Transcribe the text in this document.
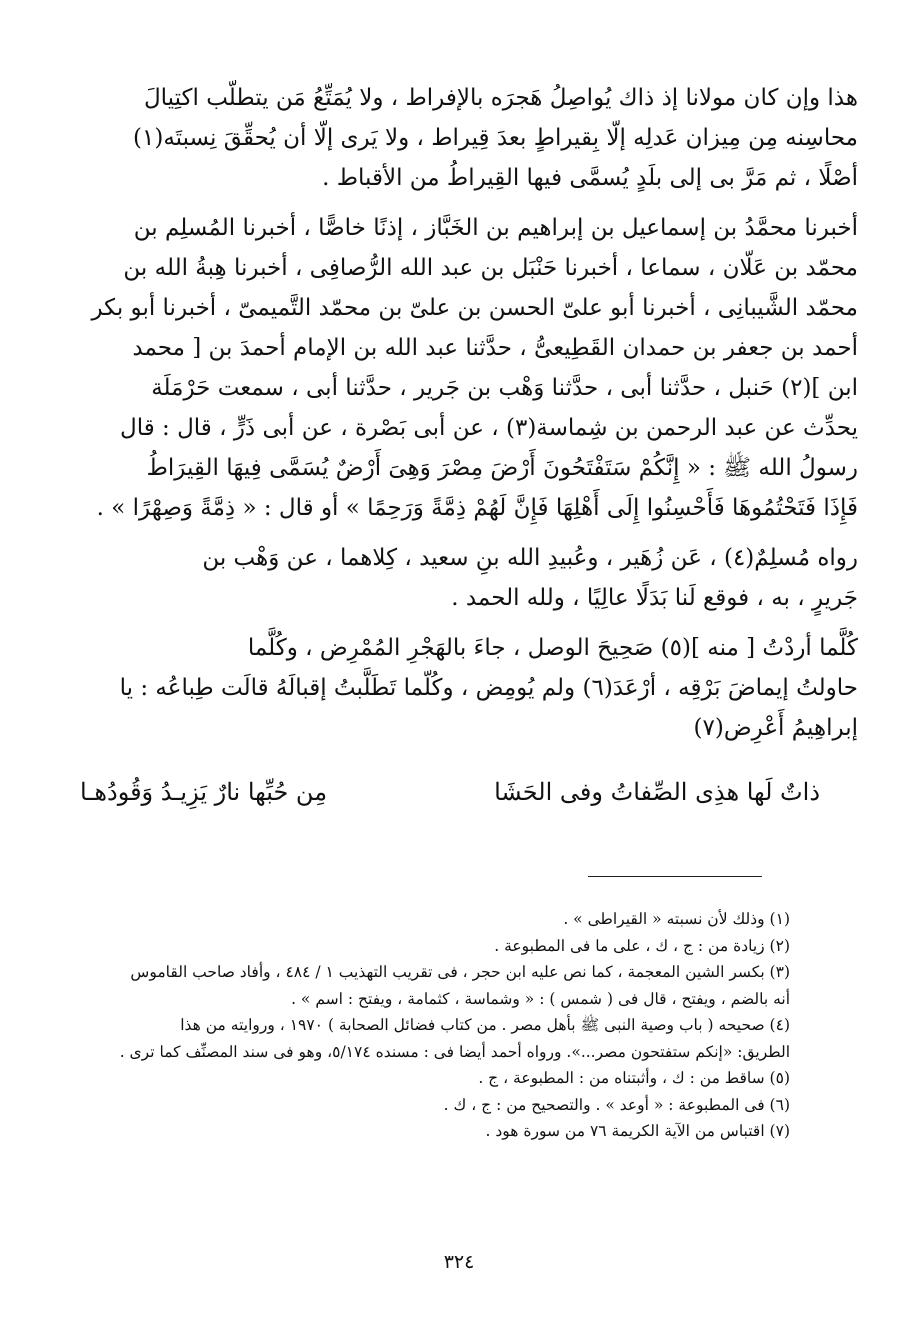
هذا وإن كان مولانا إذ ذاك يُواصِلُ هَجرَه بالإفراط ، ولا يُمَتِّعُ مَن يتطلّب اكتِيالَ

محاسِنه مِن مِيزان عَدلِه إلّا بِقيراطٍ بعدَ قِيراط ، ولا يَرى إلّا أن يُحقِّقَ نِسبتَه(١)

أصْلًا ، ثم مَرَّ بى إلى بلَدٍ يُسمَّى فيها القِيراطُ من الأقباط .

أخبرنا محمَّدُ بن إسماعيل بن إبراهيم بن الخَبَّاز ، إذنًا خاصًّا ، أخبرنا المُسلِم بن

محمّد بن عَلّان ، سماعا ، أخبرنا حَنْبَل بن عبد الله الرُّصافِى ، أخبرنا هِبةُ الله بن

محمّد الشَّيبانِى ، أخبرنا أبو علىّ الحسن بن علىّ بن محمّد التَّميمىّ ، أخبرنا أبو بكر

أحمد بن جعفر بن حمدان القَطِيعىُّ ، حدَّثنا عبد الله بن الإمام أحمدَ بن [ محمد

ابن ](٢) حَنبل ، حدَّثنا أبى ، حدَّثنا وَهْب بن جَرير ، حدَّثنا أبى ، سمعت حَرْمَلَة

يحدِّث عن عبد الرحمن بن شِماسة(٣) ، عن أبى بَصْرة ، عن أبى ذَرٍّ ، قال : قال

رسولُ الله ﷺ : « إِنَّكُمْ سَتَفْتَحُونَ أَرْضَ مِصْرَ وَهِىَ أَرْضٌ يُسَمَّى فِيهَا القِيرَاطُ

فَإِذَا فَتَحْتُمُوهَا فَأَحْسِنُوا إِلَى أَهْلِهَا فَإِنَّ لَهُمْ ذِمَّةً وَرَحِمًا » أو قال : « ذِمَّةً وَصِهْرًا » .

رواه مُسلِمٌ(٤) ، عَن زُهَير ، وعُبيدِ الله بنِ سعيد ، كِلاهما ، عن وَهْب بن

جَريرٍ ، به ، فوقع لَنا بَدَلًا عالِيًا ، ولله الحمد .

كُلَّما أردْتُ [ منه ](٥) صَحِيحَ الوصل ، جاءَ بالهَجْرِ المُمْرِض ، وكُلَّما

حاولتُ إيماضَ بَرْقِه ، أرْعَدَ(٦) ولم يُومِض ، وكُلّما تَطَلَّبتُ إقبالَهُ قالَت طِباعُه : يا

إبراهِيمُ أَعْرِض(٧)

ذاتٌ لَها هذِى الصِّفاتُ وفى الحَشَا
مِن حُبِّها نارٌ يَزِيـدُ وَقُودُهـا

(١) وذلك لأن نسبته « القيراطى » .

(٢) زيادة من : ج ، ك ، على ما فى المطبوعة .

(٣) بكسر الشين المعجمة ، كما نص عليه ابن حجر ، فى تقريب التهذيب ١ / ٤٨٤ ، وأفاد صاحب القاموس

أنه بالضم ، ويفتح ، قال فى ( شمس ) : « وشماسة ، كثمامة ، ويفتح : اسم » .

(٤) صحيحه ( باب وصية النبى ﷺ بأهل مصر . من كتاب فضائل الصحابة ) ١٩٧٠ ، وروايته من هذا

الطريق: «إنكم ستفتحون مصر...». ورواه أحمد أيضا فى : مسنده ٥/١٧٤، وهو فى سند المصنِّف كما ترى .

(٥) ساقط من : ك ، وأثبتناه من : المطبوعة ، ج .

(٦) فى المطبوعة : « أوعد » . والتصحيح من : ج ، ك .

(٧) اقتباس من الآية الكريمة ٧٦ من سورة هود .

٣٢٤
